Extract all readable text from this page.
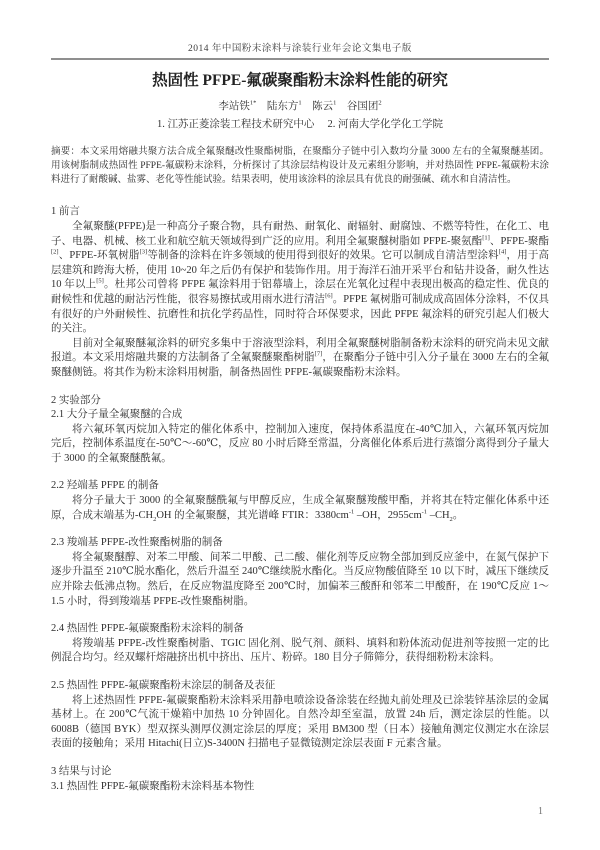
2014 年中国粉末涂料与涂装行业年会论文集电子版
热固性 PFPE-氟碳聚酯粉末涂料性能的研究
李站铁$^{1*}$　陆东方$^1$　陈云$^1$　谷国团$^2$
1. 江苏正菱涂装工程技术研究中心　 2. 河南大学化学化工学院
摘要：本文采用熔融共聚方法合成全氟聚醚改性聚酯树脂，在聚酯分子链中引入数均分量 3000 左右的全氟聚醚基团。用该树脂制成热固性 PFPE-氟碳粉末涂料，分析探讨了其涂层结构设计及元素组分影响，并对热固性 PFPE-氟碳粉末涂料进行了耐酸碱、盐雾、老化等性能试验。结果表明，使用该涂料的涂层具有优良的耐强碱、疏水和自清洁性。
1 前言

全氟聚醚(PFPE)是一种高分子聚合物，具有耐热、耐氧化、耐辐射、耐腐蚀、不燃等特性，在化工、电子、电器、机械、核工业和航空航天领域得到广泛的应用。利用全氟聚醚树脂如 PFPE-聚氨酯[1]、PFPE-聚酯[2]、PFPE-环氧树脂[3]等制备的涂料在许多领域的使用得到很好的效果。它可以制成自清洁型涂料[4]，用于高层建筑和跨海大桥，使用 10~20 年之后仍有保护和装饰作用。用于海洋石油开采平台和钻井设备，耐久性达 10 年以上[5]。杜邦公司曾将 PFPE 氟涂料用于铝幕墙上，涂层在光氧化过程中表现出极高的稳定性、优良的耐候性和优越的耐沾污性能，很容易擦拭或用雨水进行清洁[6]。PFPE 氟树脂可制成成高固体分涂料，不仅具有很好的户外耐候性、抗磨性和抗化学药品性，同时符合环保要求，因此 PFPE 氟涂料的研究引起人们极大的关注。

目前对全氟聚醚氟涂料的研究多集中于溶液型涂料，利用全氟聚醚树脂制备粉末涂料的研究尚未见文献报道。本文采用熔融共聚的方法制备了全氟聚醚聚酯树脂[7]，在聚酯分子链中引入分子量在 3000 左右的全氟聚醚侧链。将其作为粉末涂料用树脂，制备热固性 PFPE-氟碳聚酯粉末涂料。

2 实验部分
2.1 大分子量全氟聚醚的合成

将六氟环氧丙烷加入特定的催化体系中，控制加入速度，保持体系温度在-40℃加入，六氟环氧丙烷加完后，控制体系温度在-50℃～-60℃，反应 80 小时后降至常温，分离催化体系后进行蒸馏分离得到分子量大于 3000 的全氟聚醚酰氟。

2.2 羟端基 PFPE 的制备

将分子量大于 3000 的全氟聚醚酰氟与甲醇反应，生成全氟聚醚羧酸甲酯，并将其在特定催化体系中还原，合成末端基为$-CH_2OH$ 的全氟聚醚，其光谱峰 FTIR：$3380cm^{-1}$ –OH，$2955cm^{-1}$ $-CH_2$。

2.3 羧端基 PFPE-改性聚酯树脂的制备

将全氟聚醚醇、对苯二甲酸、间苯二甲酸、己二酸、催化剂等反应物全部加到反应釜中，在氮气保护下逐步升温至 210℃脱水酯化，然后升温至 240℃继续脱水酯化。当反应物酸值降至 10 以下时，减压下继续反应并除去低沸点物。然后，在反应物温度降至 200℃时，加偏苯三酸酐和邻苯二甲酸酐，在 190℃反应 1～1.5 小时，得到羧端基 PFPE-改性聚酯树脂。

2.4 热固性 PFPE-氟碳聚酯粉末涂料的制备

将羧端基 PFPE-改性聚酯树脂、TGIC 固化剂、脱气剂、颜料、填料和粉体流动促进剂等按照一定的比例混合均匀。经双螺杆熔融挤出机中挤出、压片、粉碎。180 目分子筛筛分，获得细粉粉末涂料。

2.5 热固性 PFPE-氟碳聚酯粉末涂层的制备及表征

将上述热固性 PFPE-氟碳聚酯粉末涂料采用静电喷涂设备涂装在经抛丸前处理及已涂装锌基涂层的金属基材上。在 200℃气流干燥箱中加热 10 分钟固化。自然冷却至室温，放置 24h 后，测定涂层的性能。以 6008B（德国 BYK）型双探头测厚仪测定涂层的厚度；采用 BM300 型（日本）接触角测定仪测定水在涂层表面的接触角；采用 Hitachi(日立)S-3400N 扫描电子显微镜测定涂层表面 F 元素含量。

3 结果与讨论
3.1 热固性 PFPE-氟碳聚酯粉末涂料基本物性
1
